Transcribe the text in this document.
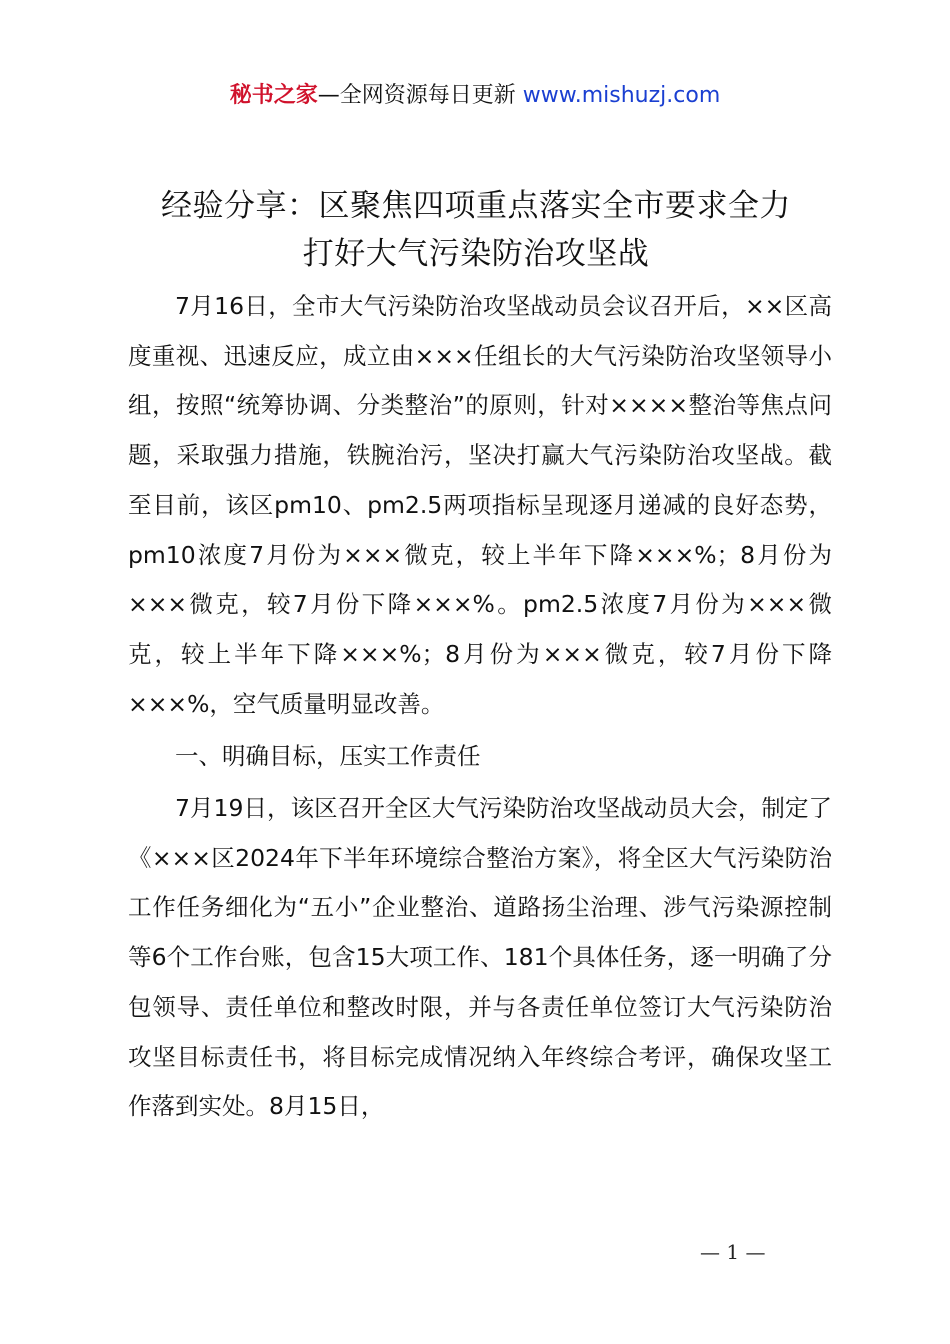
秘书之家—全网资源每日更新 www.mishuzj.com
经验分享：区聚焦四项重点落实全市要求全力
打好大气污染防治攻坚战

7月16日，全市大气污染防治攻坚战动员会议召开后，××区高度重视、迅速反应，成立由×××任组长的大气污染防治攻坚领导小组，按照“统筹协调、分类整治”的原则，针对××××整治等焦点问题，采取强力措施，铁腕治污，坚决打赢大气污染防治攻坚战。截至目前，该区pm10、pm2.5两项指标呈现逐月递减的良好态势，pm10浓度7月份为×××微克，较上半年下降×××%；8月份为×××微克，较7月份下降×××%。pm2.5浓度7月份为×××微克，较上半年下降×××%；8月份为×××微克，较7月份下降×××%，空气质量明显改善。

一、明确目标，压实工作责任

7月19日，该区召开全区大气污染防治攻坚战动员大会，制定了《×××区2024年下半年环境综合整治方案》，将全区大气污染防治工作任务细化为“五小”企业整治、道路扬尘治理、涉气污染源控制等6个工作台账，包含15大项工作、181个具体任务，逐一明确了分包领导、责任单位和整改时限，并与各责任单位签订大气污染防治攻坚目标责任书，将目标完成情况纳入年终综合考评，确保攻坚工作落到实处。8月15日，

— 1 —
